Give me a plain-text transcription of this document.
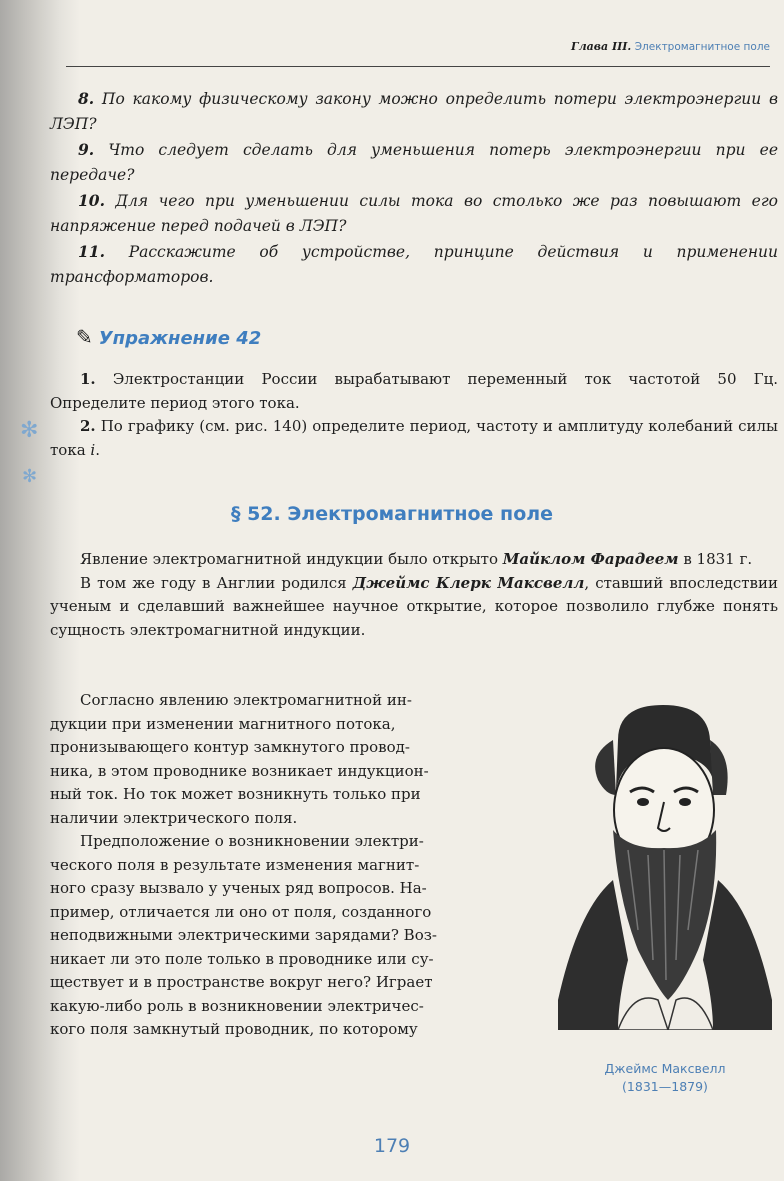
Глава III. Электромагнитное поле

8. По какому физическому закону можно определить потери электроэнергии в ЛЭП?

9. Что следует сделать для уменьшения потерь электроэнергии при ее передаче?

10. Для чего при уменьшении силы тока во столько же раз повышают его напряжение перед подачей в ЛЭП?

11. Расскажите об устройстве, принципе действия и применении трансформаторов.

✎ Упражнение 42

1. Электростанции России вырабатывают переменный ток частотой 50 Гц. Определите период этого тока.

2. По графику (см. рис. 140) определите период, частоту и амплитуду колебаний силы тока i.

✻
✻
§ 52. Электромагнитное поле

Явление электромагнитной индукции было открыто Майклом Фарадеем в 1831 г.

В том же году в Англии родился Джеймс Клерк Максвелл, ставший впоследствии ученым и сделавший важнейшее научное открытие, которое позволило глубже понять сущность электромагнитной индукции.

Согласно явлению электромагнитной ин-
дукции при изменении магнитного потока,
пронизывающего контур замкнутого провод-
ника, в этом проводнике возникает индукцион-
ный ток. Но ток может возникнуть только при
наличии электрического поля.
Предположение о возникновении электри-
ческого поля в результате изменения магнит-
ного сразу вызвало у ученых ряд вопросов. На-
пример, отличается ли оно от поля, созданного
неподвижными электрическими зарядами? Воз-
никает ли это поле только в проводнике или су-
ществует и в пространстве вокруг него? Играет
какую-либо роль в возникновении электричес-
кого поля замкнутый проводник, по которому
Джеймс Максвелл
(1831—1879)
179
